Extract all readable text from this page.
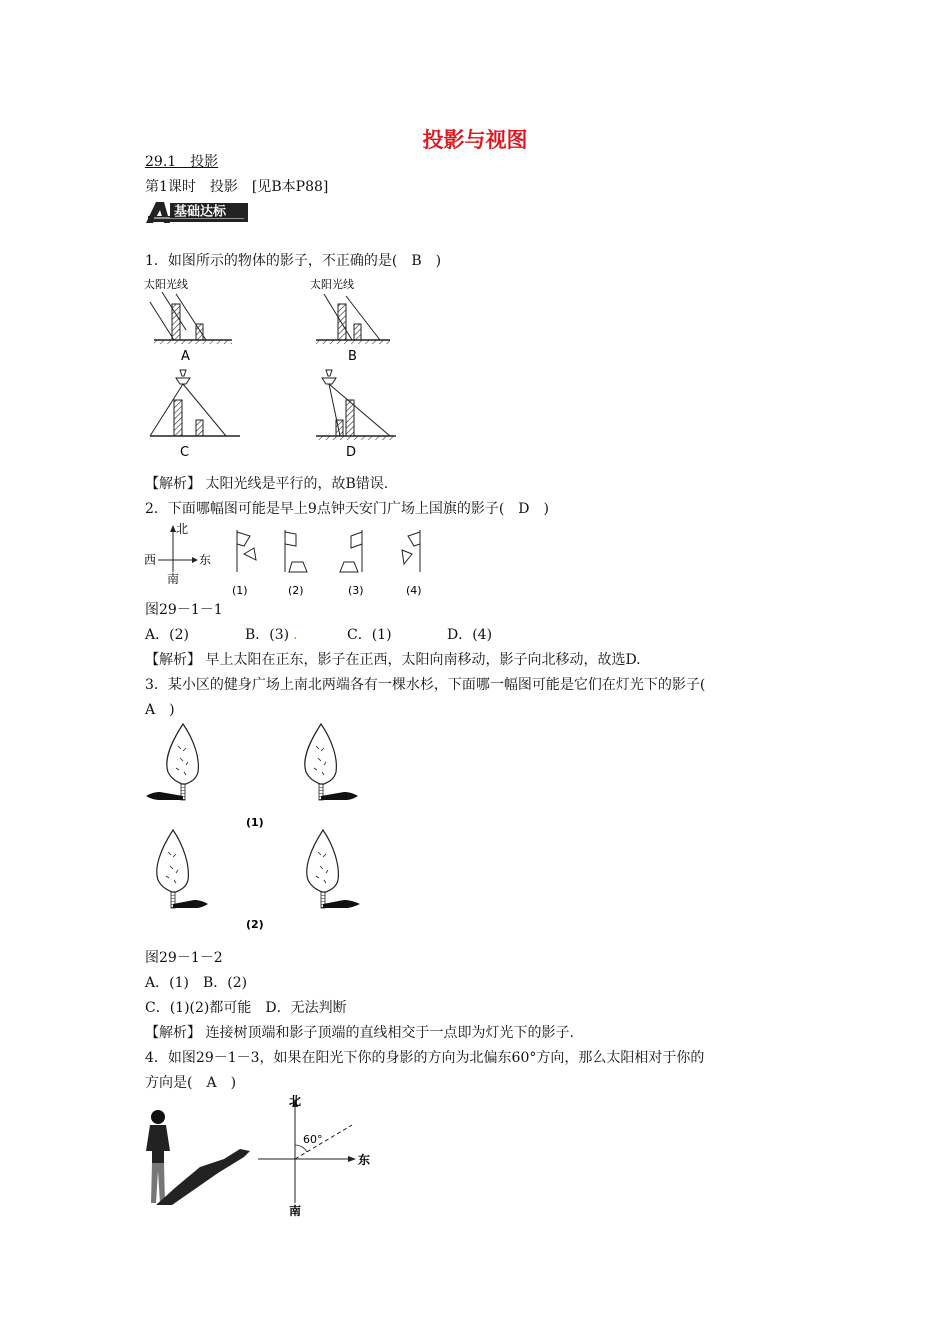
投影与视图
29.1　投影
第1课时　投影　[见B本P88]
基础达标
1．如图所示的物体的影子，不正确的是(　B　)
太阳光线
A
太阳光线
B
C	D
【解析】 太阳光线是平行的，故B错误.
2．下面哪幅图可能是早上9点钟天安门广场上国旗的影子(　D　)
北
西	东
南
(1)	(2)	(3)	(4)
图29－1－1
A．(2)	B．(3) .	C．(1)	D．(4)
【解析】 早上太阳在正东，影子在正西，太阳向南移动，影子向北移动，故选D.
3．某小区的健身广场上南北两端各有一棵水杉，下面哪一幅图可能是它们在灯光下的影子(
A　)
(1)
(2)
图29－1－2
A．(1)　B．(2)
C．(1)(2)都可能　D．无法判断
【解析】 连接树顶端和影子顶端的直线相交于一点即为灯光下的影子.
4．如图29－1－3，如果在阳光下你的身影的方向为北偏东60°方向，那么太阳相对于你的
方向是(　A　)
北
60°
东
南
